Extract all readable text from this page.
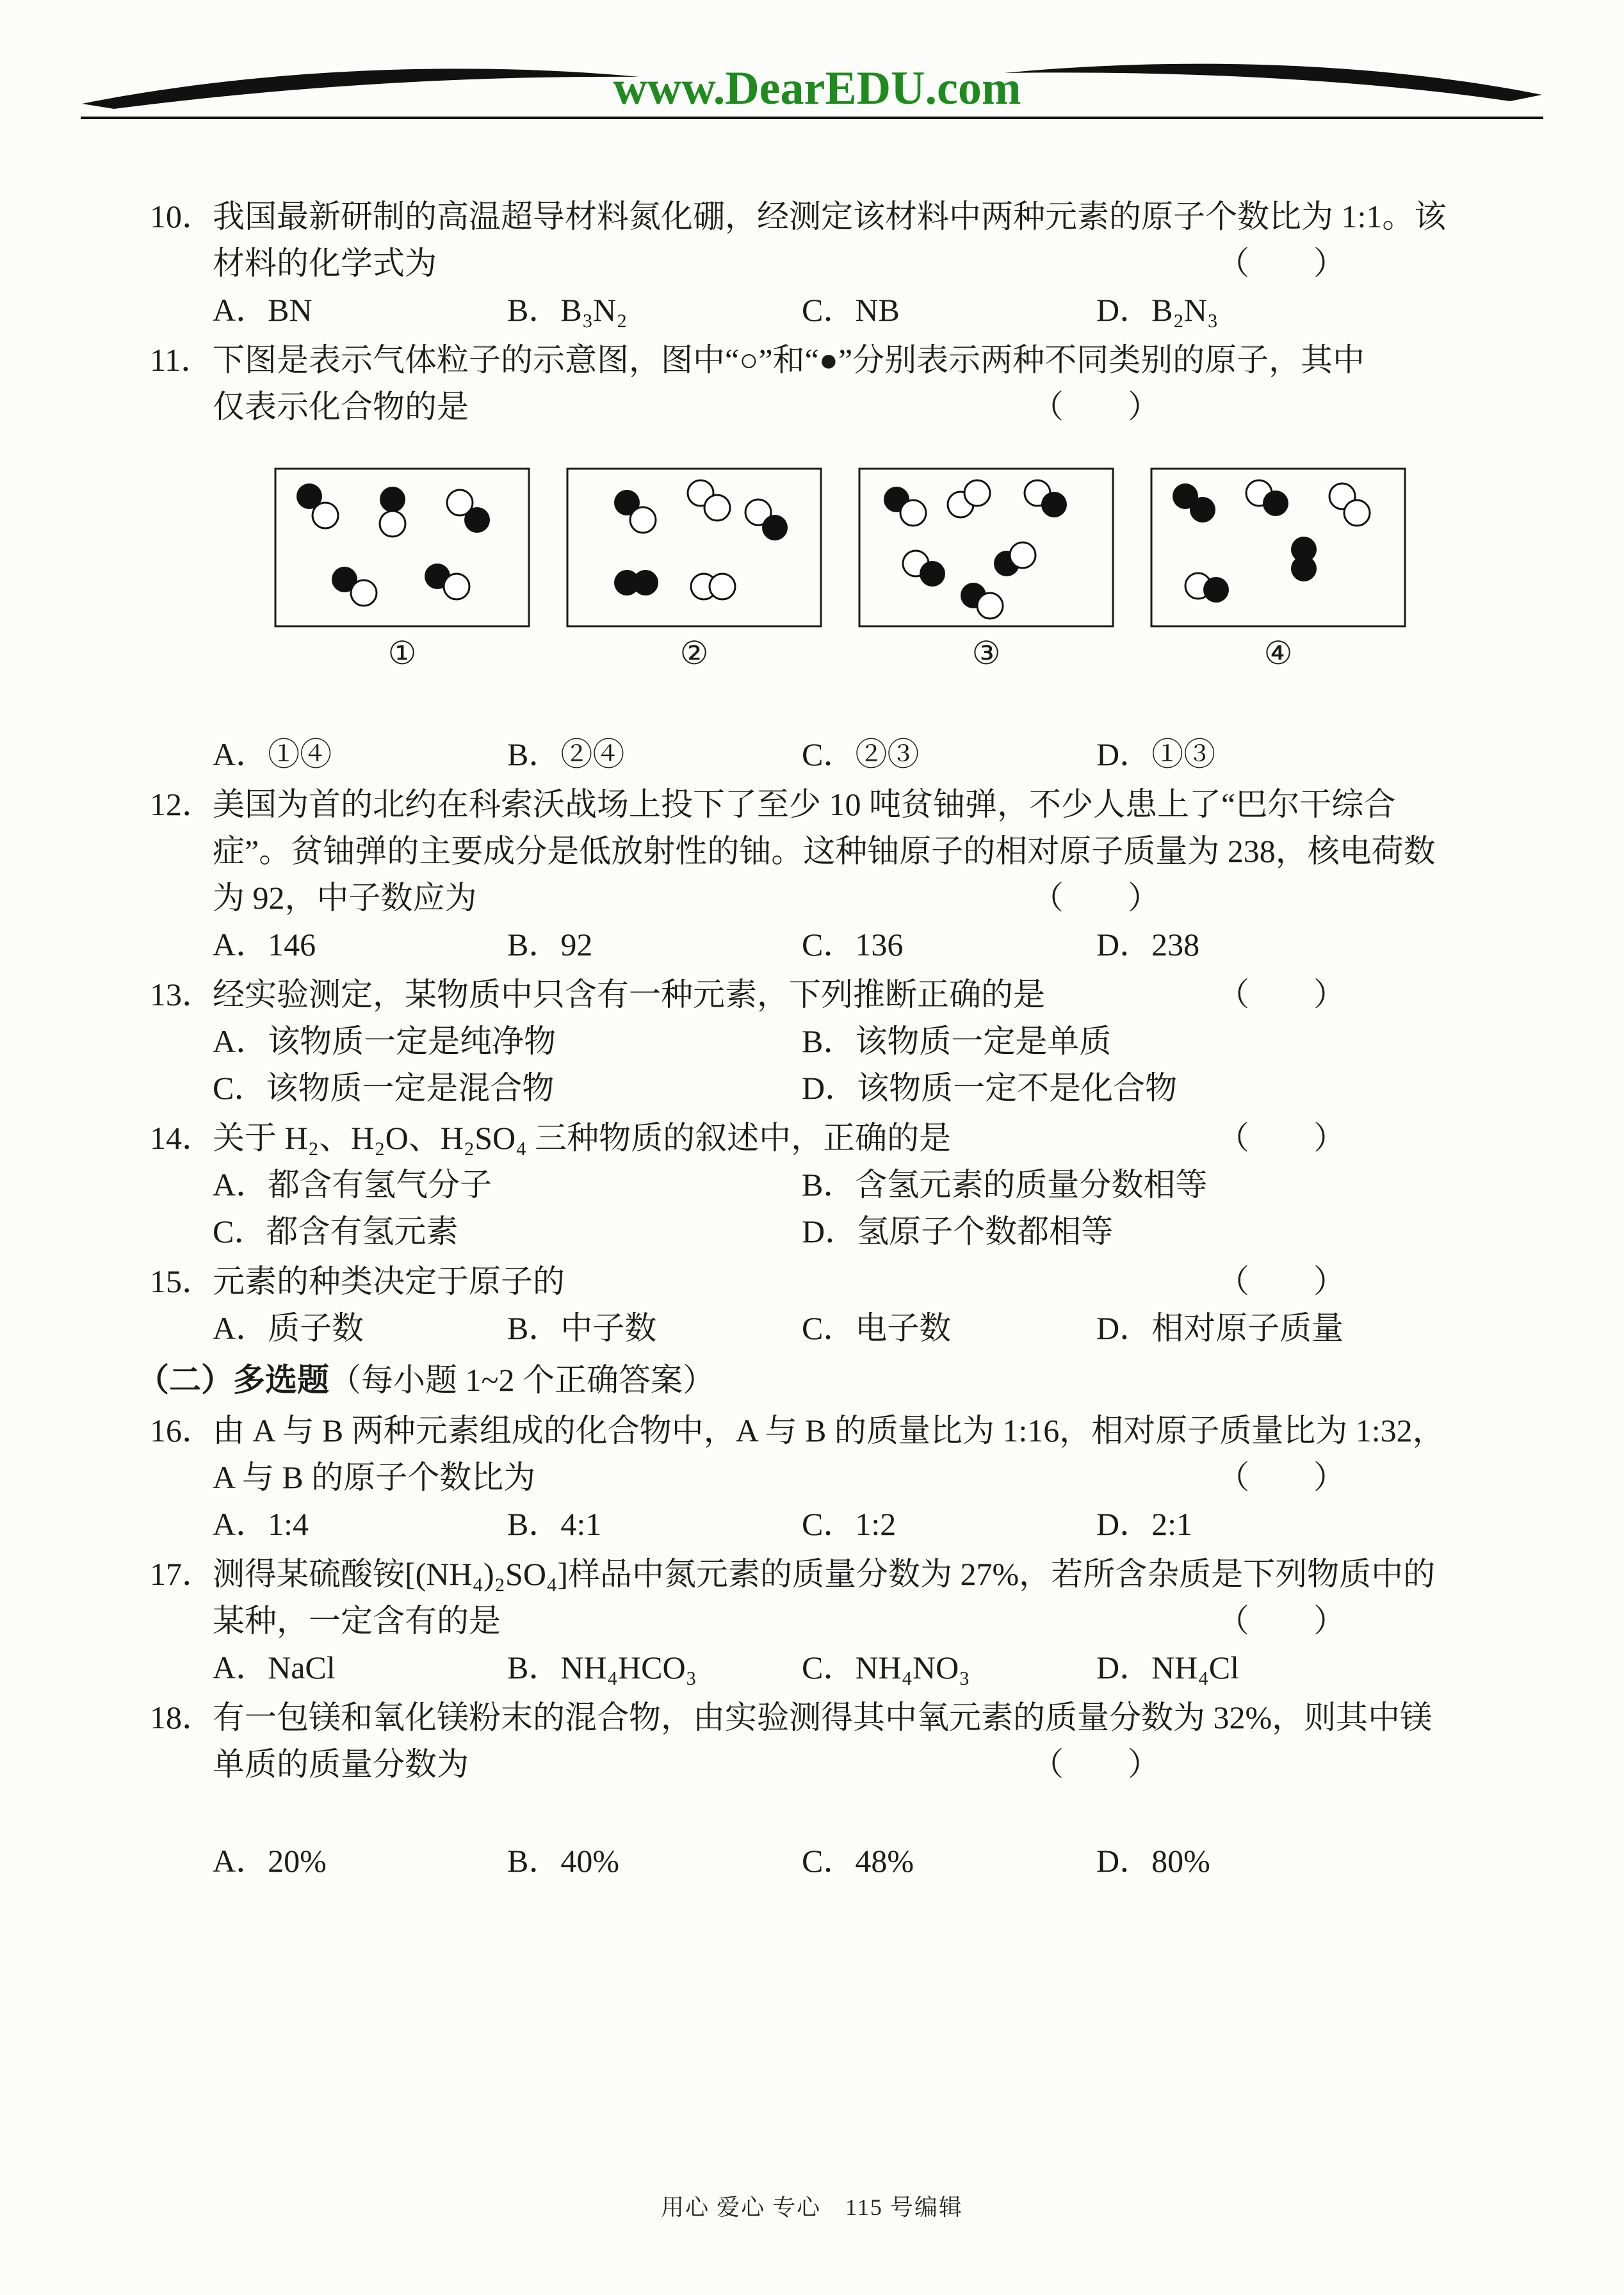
www.DearEDU.com
10．
我国最新研制的高温超导材料氮化硼，经测定该材料中两种元素的原子个数比为 1:1。该
材料的化学式为	（　　）
A．BN	B．B₃N₂	C．NB	D．B₂N₃
11． 下图是表示气体粒子的示意图，图中“○”和“●”分别表示两种不同类别的原子，其中
仅表示化合物的是	（　　）
①	②	③	④
A．①④	B．②④	C．②③	D．①③
12．
美国为首的北约在科索沃战场上投下了至少 10 吨贫铀弹，不少人患上了“巴尔干综合
症”。贫铀弹的主要成分是低放射性的铀。这种铀原子的相对原子质量为 238，核电荷数
为 92，中子数应为	（　　）
A．146	B．92	C．136	D．238
13．
经实验测定，某物质中只含有一种元素，下列推断正确的是	（　　）
A．该物质一定是纯净物	B．该物质一定是单质
C．该物质一定是混合物	D．该物质一定不是化合物
14．
关于 H₂、H₂O、H₂SO₄ 三种物质的叙述中，正确的是	（　　）
A．都含有氢气分子	B．含氢元素的质量分数相等
C．都含有氢元素	D．氢原子个数都相等
15．
元素的种类决定于原子的	（　　）
A．质子数	B．中子数	C．电子数	D．相对原子质量
（二）多选题（每小题 1~2 个正确答案）
16．
由 A 与 B 两种元素组成的化合物中，A 与 B 的质量比为 1:16，相对原子质量比为 1:32，
A 与 B 的原子个数比为	（　　）
A．1:4	B．4:1	C．1:2	D．2:1
17．
测得某硫酸铵[(NH₄)₂SO₄]样品中氮元素的质量分数为 27%，若所含杂质是下列物质中的
某种，一定含有的是	（　　）
A．NaCl	B．NH₄HCO₃	C．NH₄NO₃	D．NH₄Cl
18．
有一包镁和氧化镁粉末的混合物，由实验测得其中氧元素的质量分数为 32%，则其中镁
单质的质量分数为	（　　）
A．20%	B．40%	C．48%	D．80%
用心 爱心 专心　115 号编辑
